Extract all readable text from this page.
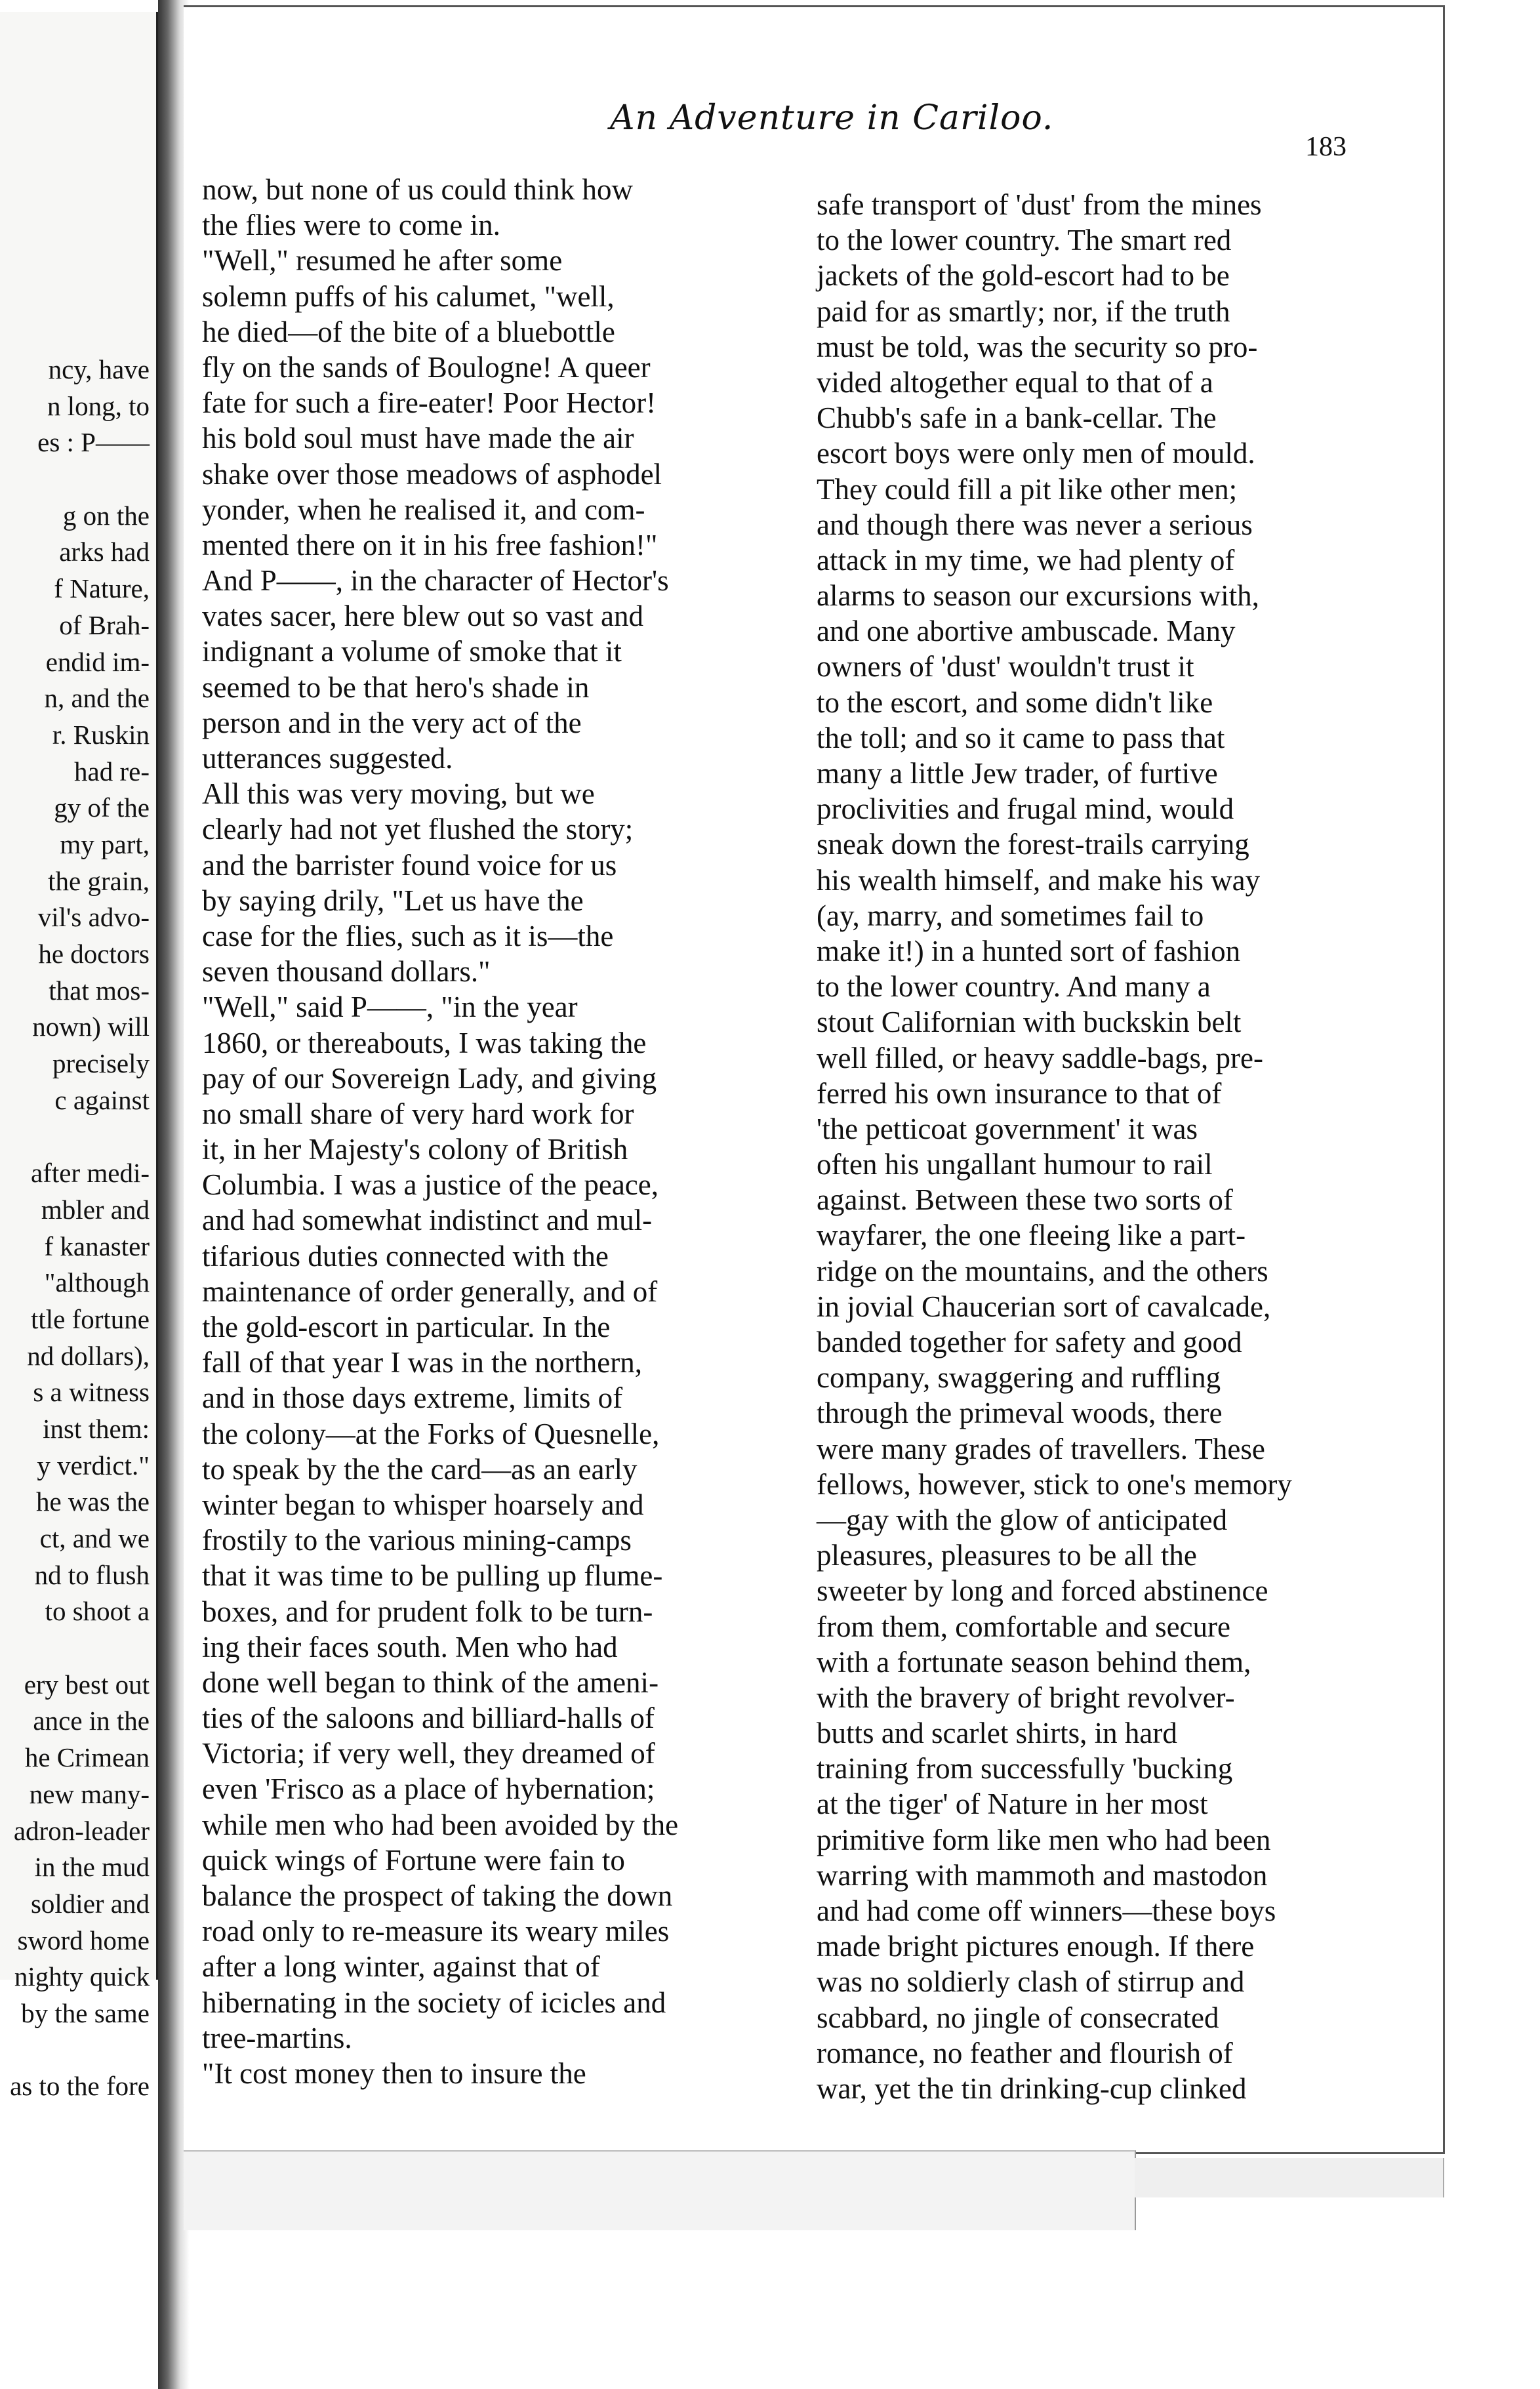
ncy, have
n long, to
es : P——
g on the
arks had
f Nature,
of Brah-
endid im-
n, and the
r. Ruskin
had re-
gy of the
my part,
the grain,
vil's advo-
he doctors
that mos-
nown) will
precisely
c against
after medi-
mbler and
f kanaster
"although
ttle fortune
nd dollars),
s a witness
inst them:
y verdict."
he was the
ct, and we
nd to flush
to shoot a
ery best out
ance in the
he Crimean
new many-
adron-leader
in the mud
soldier and
sword home
nighty quick
by the same
as to the fore
An Adventure in Cariloo.
183
now, but none of us could think how
the flies were to come in.
"Well," resumed he after some
solemn puffs of his calumet, "well,
he died—of the bite of a bluebottle
fly on the sands of Boulogne! A queer
fate for such a fire-eater! Poor Hector!
his bold soul must have made the air
shake over those meadows of asphodel
yonder, when he realised it, and com-
mented there on it in his free fashion!"
And P——, in the character of Hector's
vates sacer, here blew out so vast and
indignant a volume of smoke that it
seemed to be that hero's shade in
person and in the very act of the
utterances suggested.
All this was very moving, but we
clearly had not yet flushed the story;
and the barrister found voice for us
by saying drily, "Let us have the
case for the flies, such as it is—the
seven thousand dollars."
"Well," said P——, "in the year
1860, or thereabouts, I was taking the
pay of our Sovereign Lady, and giving
no small share of very hard work for
it, in her Majesty's colony of British
Columbia. I was a justice of the peace,
and had somewhat indistinct and mul-
tifarious duties connected with the
maintenance of order generally, and of
the gold-escort in particular. In the
fall of that year I was in the northern,
and in those days extreme, limits of
the colony—at the Forks of Quesnelle,
to speak by the the card—as an early
winter began to whisper hoarsely and
frostily to the various mining-camps
that it was time to be pulling up flume-
boxes, and for prudent folk to be turn-
ing their faces south. Men who had
done well began to think of the ameni-
ties of the saloons and billiard-halls of
Victoria; if very well, they dreamed of
even 'Frisco as a place of hybernation;
while men who had been avoided by the
quick wings of Fortune were fain to
balance the prospect of taking the down
road only to re-measure its weary miles
after a long winter, against that of
hibernating in the society of icicles and
tree-martins.
"It cost money then to insure the
safe transport of 'dust' from the mines
to the lower country. The smart red
jackets of the gold-escort had to be
paid for as smartly; nor, if the truth
must be told, was the security so pro-
vided altogether equal to that of a
Chubb's safe in a bank-cellar. The
escort boys were only men of mould.
They could fill a pit like other men;
and though there was never a serious
attack in my time, we had plenty of
alarms to season our excursions with,
and one abortive ambuscade. Many
owners of 'dust' wouldn't trust it
to the escort, and some didn't like
the toll; and so it came to pass that
many a little Jew trader, of furtive
proclivities and frugal mind, would
sneak down the forest-trails carrying
his wealth himself, and make his way
(ay, marry, and sometimes fail to
make it!) in a hunted sort of fashion
to the lower country. And many a
stout Californian with buckskin belt
well filled, or heavy saddle-bags, pre-
ferred his own insurance to that of
'the petticoat government' it was
often his ungallant humour to rail
against. Between these two sorts of
wayfarer, the one fleeing like a part-
ridge on the mountains, and the others
in jovial Chaucerian sort of cavalcade,
banded together for safety and good
company, swaggering and ruffling
through the primeval woods, there
were many grades of travellers. These
fellows, however, stick to one's memory
—gay with the glow of anticipated
pleasures, pleasures to be all the
sweeter by long and forced abstinence
from them, comfortable and secure
with a fortunate season behind them,
with the bravery of bright revolver-
butts and scarlet shirts, in hard
training from successfully 'bucking
at the tiger' of Nature in her most
primitive form like men who had been
warring with mammoth and mastodon
and had come off winners—these boys
made bright pictures enough. If there
was no soldierly clash of stirrup and
scabbard, no jingle of consecrated
romance, no feather and flourish of
war, yet the tin drinking-cup clinked
